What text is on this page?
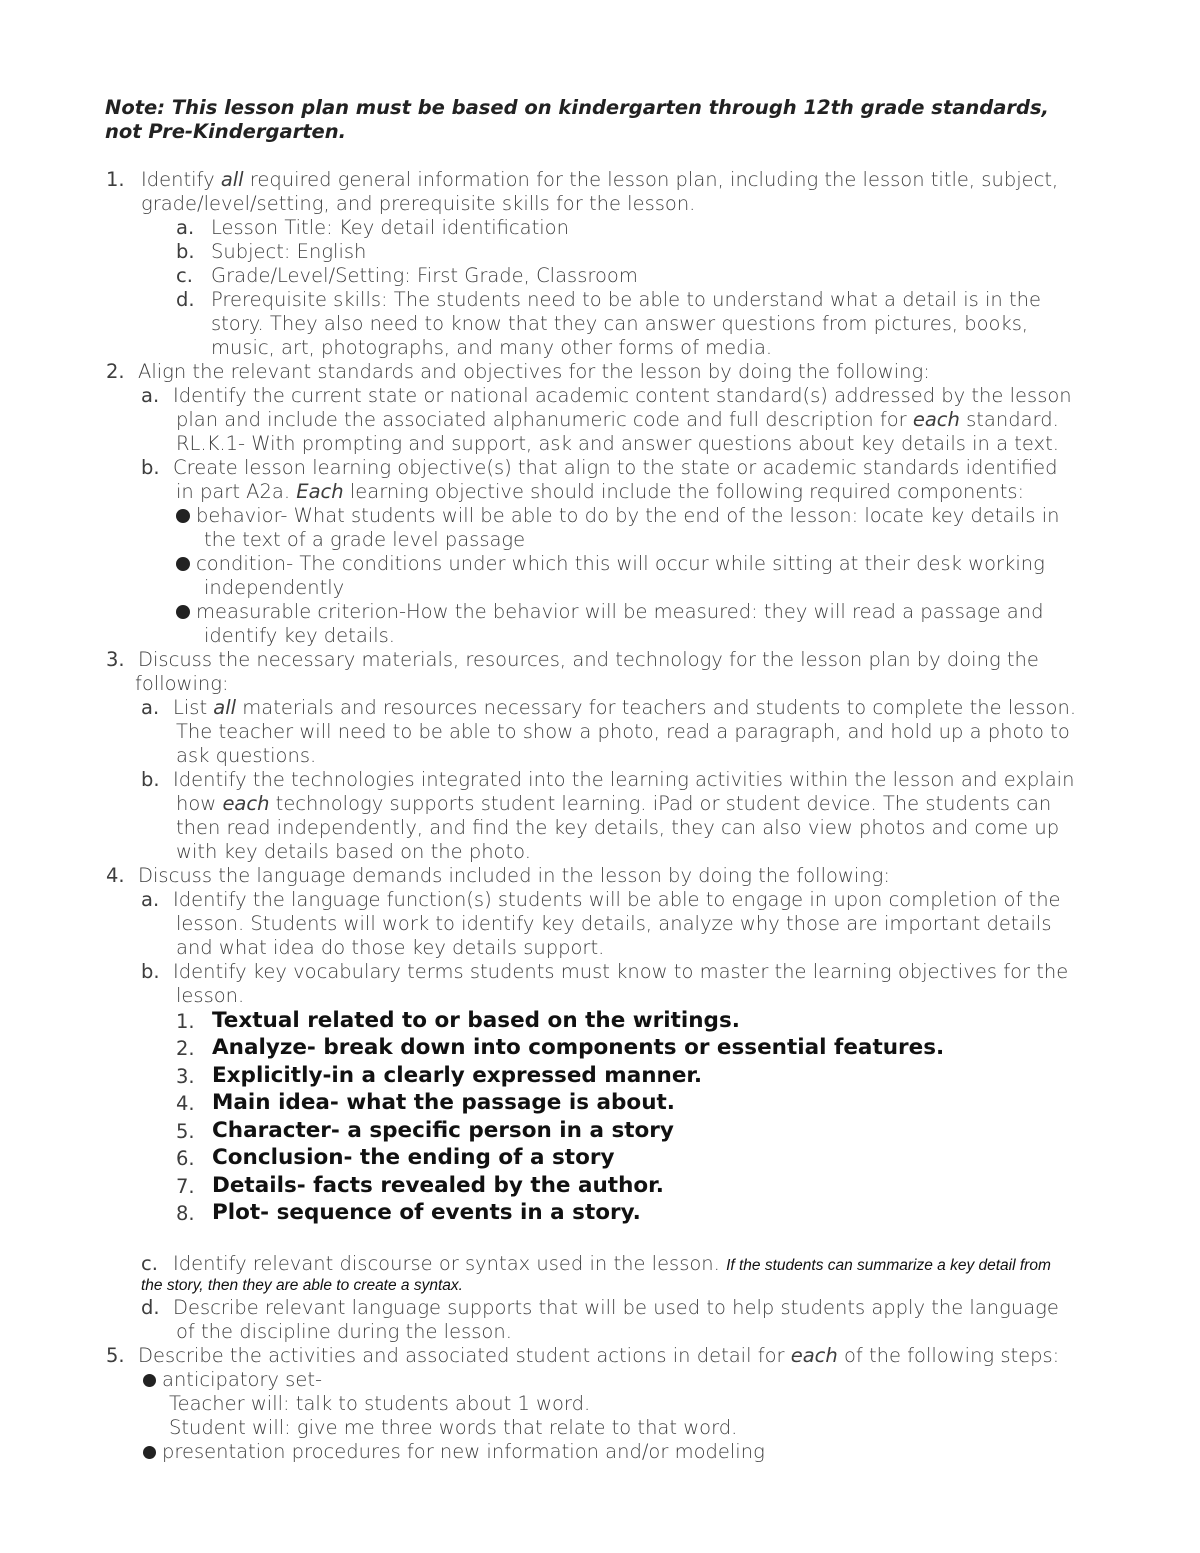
Note: This lesson plan must be based on kindergarten through 12th grade standards,
not Pre-Kindergarten.
1. Identify all required general information for the lesson plan, including the lesson title, subject,
grade/level/setting, and prerequisite skills for the lesson.
a. Lesson Title: Key detail identification
b. Subject: English
c. Grade/Level/Setting: First Grade, Classroom
d. Prerequisite skills: The students need to be able to understand what a detail is in the
story. They also need to know that they can answer questions from pictures, books,
music, art, photographs, and many other forms of media.
2. Align the relevant standards and objectives for the lesson by doing the following:
a. Identify the current state or national academic content standard(s) addressed by the lesson
plan and include the associated alphanumeric code and full description for each standard.
RL.K.1- With prompting and support, ask and answer questions about key details in a text.
b. Create lesson learning objective(s) that align to the state or academic standards identified
in part A2a. Each learning objective should include the following required components:
behavior- What students will be able to do by the end of the lesson: locate key details in
the text of a grade level passage
condition- The conditions under which this will occur while sitting at their desk working
independently
measurable criterion-How the behavior will be measured: they will read a passage and
identify key details.
3. Discuss the necessary materials, resources, and technology for the lesson plan by doing the
following:
a. List all materials and resources necessary for teachers and students to complete the lesson.
The teacher will need to be able to show a photo, read a paragraph, and hold up a photo to
ask questions.
b. Identify the technologies integrated into the learning activities within the lesson and explain
how each technology supports student learning. iPad or student device. The students can
then read independently, and find the key details, they can also view photos and come up
with key details based on the photo.
4. Discuss the language demands included in the lesson by doing the following:
a. Identify the language function(s) students will be able to engage in upon completion of the
lesson. Students will work to identify key details, analyze why those are important details
and what idea do those key details support.
b. Identify key vocabulary terms students must know to master the learning objectives for the
lesson.
1. Textual related to or based on the writings.
2. Analyze- break down into components or essential features.
3. Explicitly-in a clearly expressed manner.
4. Main idea- what the passage is about.
5. Character- a specific person in a story
6. Conclusion- the ending of a story
7. Details- facts revealed by the author.
8. Plot- sequence of events in a story.
c. Identify relevant discourse or syntax used in the lesson. If the students can summarize a key detail from
the story, then they are able to create a syntax.
d. Describe relevant language supports that will be used to help students apply the language
of the discipline during the lesson.
5. Describe the activities and associated student actions in detail for each of the following steps:
anticipatory set-
Teacher will: talk to students about 1 word.
Student will: give me three words that relate to that word.
presentation procedures for new information and/or modeling
